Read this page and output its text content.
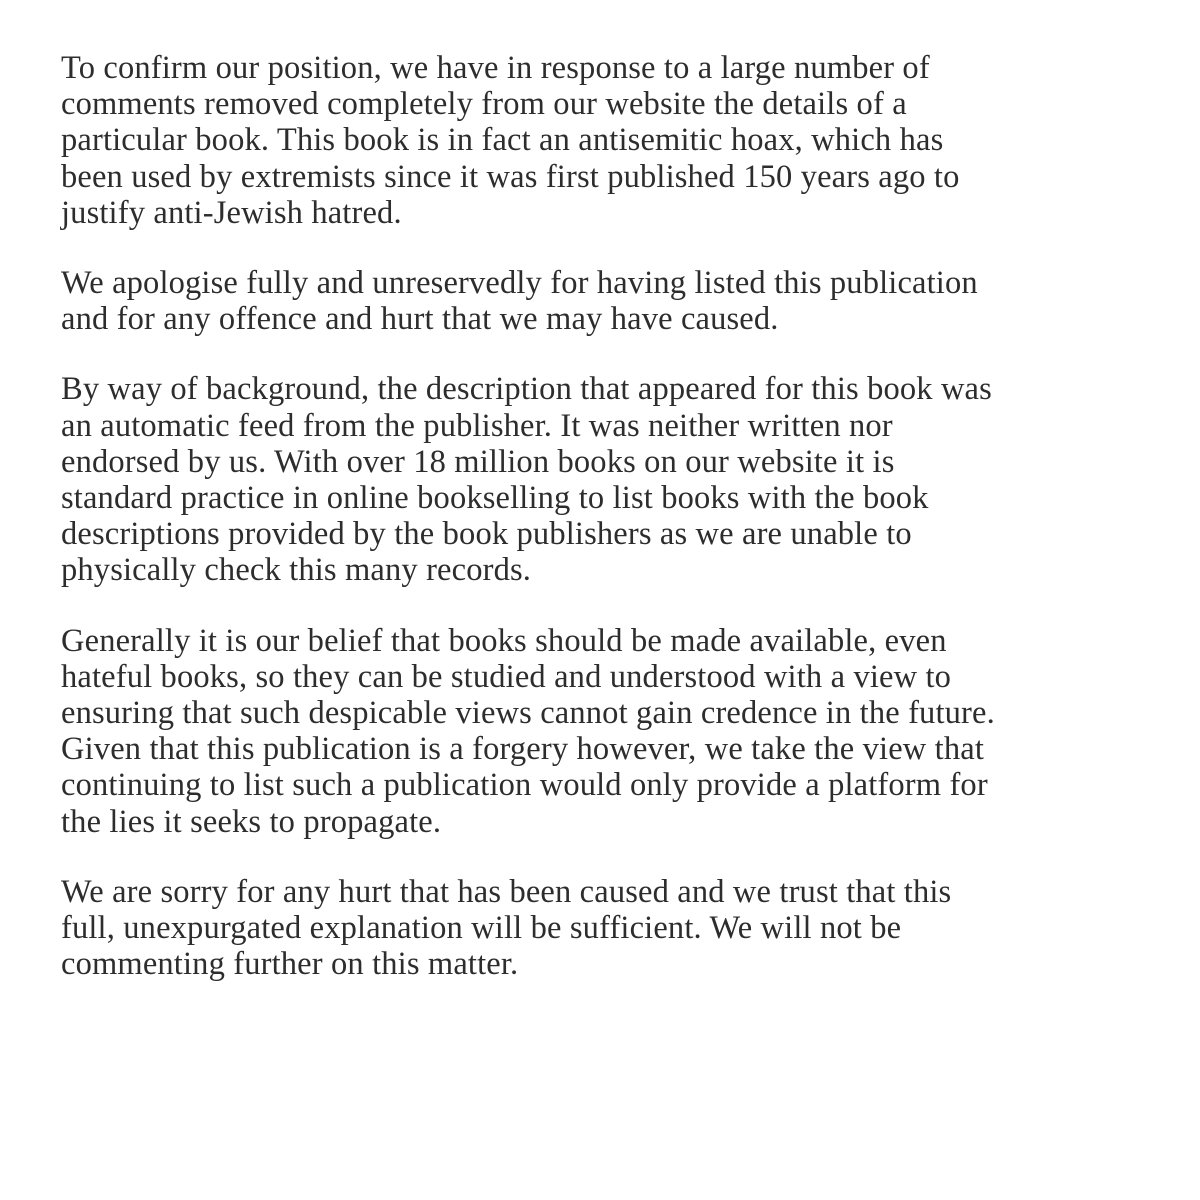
To confirm our position, we have in response to a large number of
comments removed completely from our website the details of a
particular book. This book is in fact an antisemitic hoax, which has
been used by extremists since it was first published 150 years ago to
justify anti-Jewish hatred.

We apologise fully and unreservedly for having listed this publication
and for any offence and hurt that we may have caused.

By way of background, the description that appeared for this book was
an automatic feed from the publisher. It was neither written nor
endorsed by us. With over 18 million books on our website it is
standard practice in online bookselling to list books with the book
descriptions provided by the book publishers as we are unable to
physically check this many records.

Generally it is our belief that books should be made available, even
hateful books, so they can be studied and understood with a view to
ensuring that such despicable views cannot gain credence in the future.
Given that this publication is a forgery however, we take the view that
continuing to list such a publication would only provide a platform for
the lies it seeks to propagate.

We are sorry for any hurt that has been caused and we trust that this
full, unexpurgated explanation will be sufficient. We will not be
commenting further on this matter.
